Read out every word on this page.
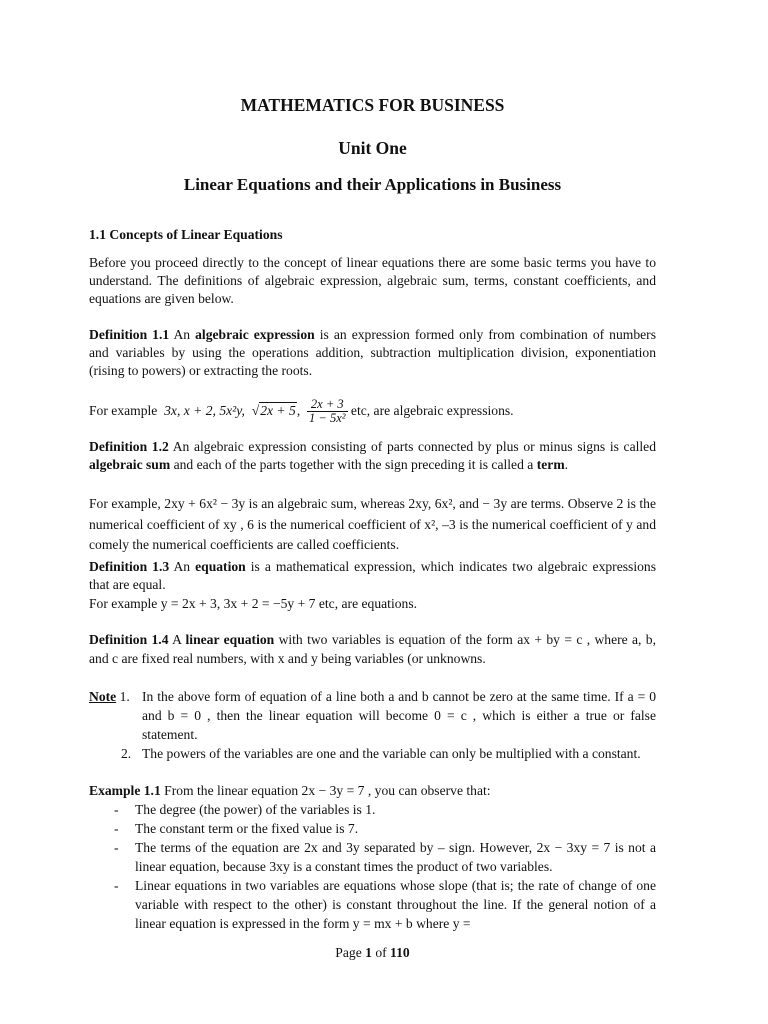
MATHEMATICS FOR BUSINESS
Unit One
Linear Equations and their Applications in Business
1.1 Concepts of Linear Equations
Before you proceed directly to the concept of linear equations there are some basic terms you have to understand. The definitions of algebraic expression, algebraic sum, terms, constant coefficients, and equations are given below.
Definition 1.1 An algebraic expression is an expression formed only from combination of numbers and variables by using the operations addition, subtraction multiplication division, exponentiation (rising to powers) or extracting the roots.
For example 3x, x + 2, 5x²y,  √2x + 5, $\frac{2x + 3}{\text{1 − 5x²}}$ etc, are algebraic expressions.
Definition 1.2 An algebraic expression consisting of parts connected by plus or minus signs is called algebraic sum and each of the parts together with the sign preceding it is called a term.
For example, 2xy + 6x² − 3y is an algebraic sum, whereas 2xy, 6x², and − 3y are terms. Observe 2 is the numerical coefficient of xy , 6 is the numerical coefficient of x², –3 is the numerical coefficient of y and comely the numerical coefficients are called coefficients.
Definition 1.3 An equation is a mathematical expression, which indicates two algebraic expressions that are equal.
For example y = 2x + 3, 3x + 2 = −5y + 7 etc, are equations.
Definition 1.4 A linear equation with two variables is equation of the form ax + by = c , where a, b, and c are fixed real numbers, with x and y being variables (or unknowns.
Note 1. In the above form of equation of a line both a and b cannot be zero at the same time. If a = 0 and b = 0 , then the linear equation will become 0 = c , which is either a true or false statement.
2. The powers of the variables are one and the variable can only be multiplied with a constant.
Example 1.1 From the linear equation 2x − 3y = 7 , you can observe that:
- The degree (the power) of the variables is 1.
- The constant term or the fixed value is 7.
- The terms of the equation are 2x and 3y separated by – sign. However, 2x − 3xy = 7 is not a linear equation, because 3xy is a constant times the product of two variables.
- Linear equations in two variables are equations whose slope (that is; the rate of change of one variable with respect to the other) is constant throughout the line. If the general notion of a linear equation is expressed in the form y = mx + b where y =
Page 1 of 110
